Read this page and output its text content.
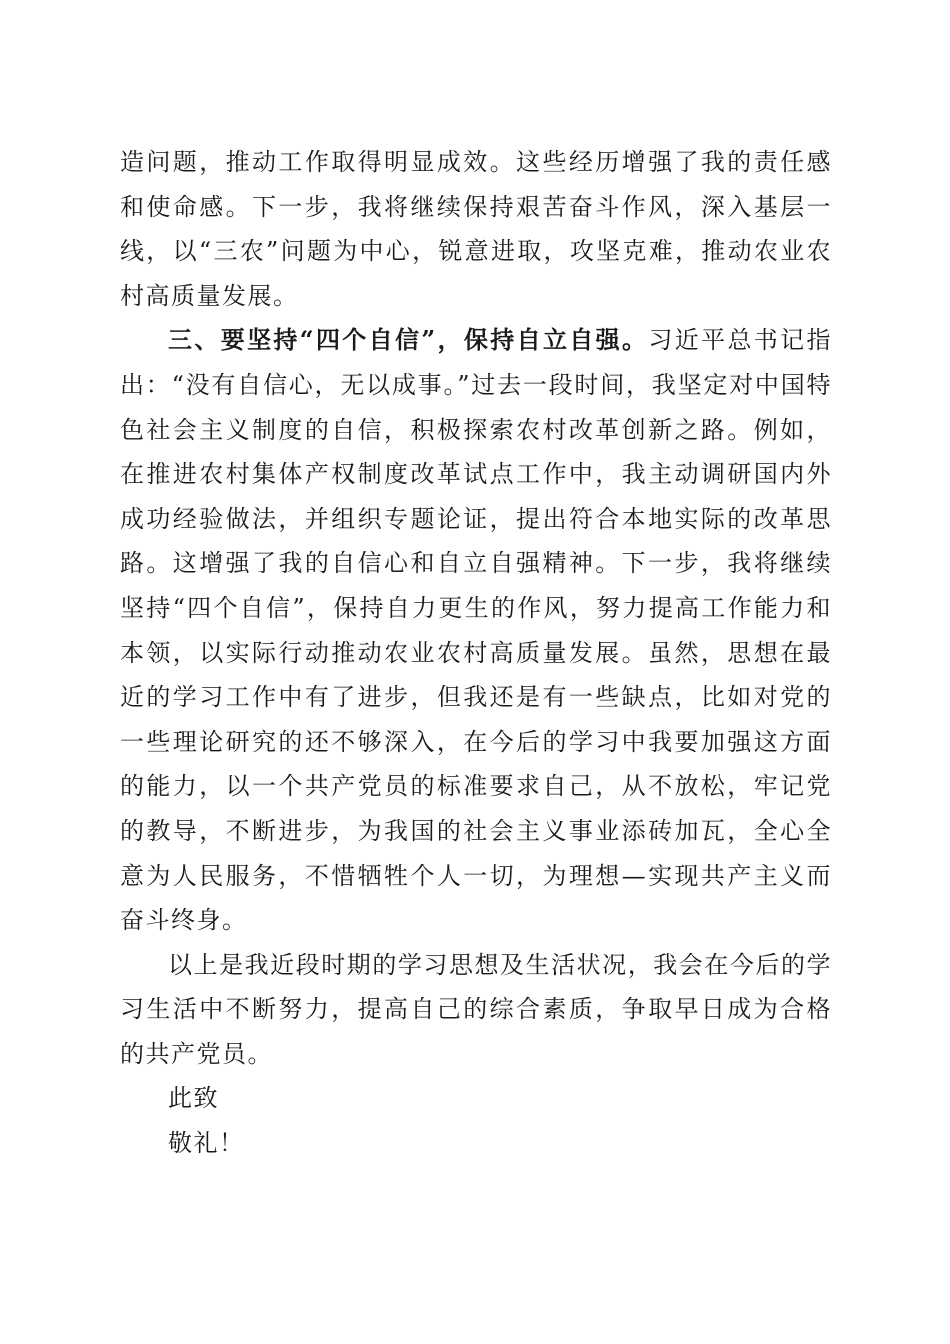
造问题，推动工作取得明显成效。这些经历增强了我的责任感和使命感。下一步，我将继续保持艰苦奋斗作风，深入基层一线，以“三农”问题为中心，锐意进取，攻坚克难，推动农业农村高质量发展。

三、要坚持“四个自信”，保持自立自强。习近平总书记指出：“没有自信心，无以成事。”过去一段时间，我坚定对中国特色社会主义制度的自信，积极探索农村改革创新之路。例如，在推进农村集体产权制度改革试点工作中，我主动调研国内外成功经验做法，并组织专题论证，提出符合本地实际的改革思路。这增强了我的自信心和自立自强精神。下一步，我将继续坚持“四个自信”，保持自力更生的作风，努力提高工作能力和本领，以实际行动推动农业农村高质量发展。虽然，思想在最近的学习工作中有了进步，但我还是有一些缺点，比如对党的一些理论研究的还不够深入，在今后的学习中我要加强这方面的能力，以一个共产党员的标准要求自己，从不放松，牢记党的教导，不断进步，为我国的社会主义事业添砖加瓦，全心全意为人民服务，不惜牺牲个人一切，为理想—实现共产主义而奋斗终身。

以上是我近段时期的学习思想及生活状况，我会在今后的学习生活中不断努力，提高自己的综合素质，争取早日成为合格的共产党员。

此致

敬礼！
